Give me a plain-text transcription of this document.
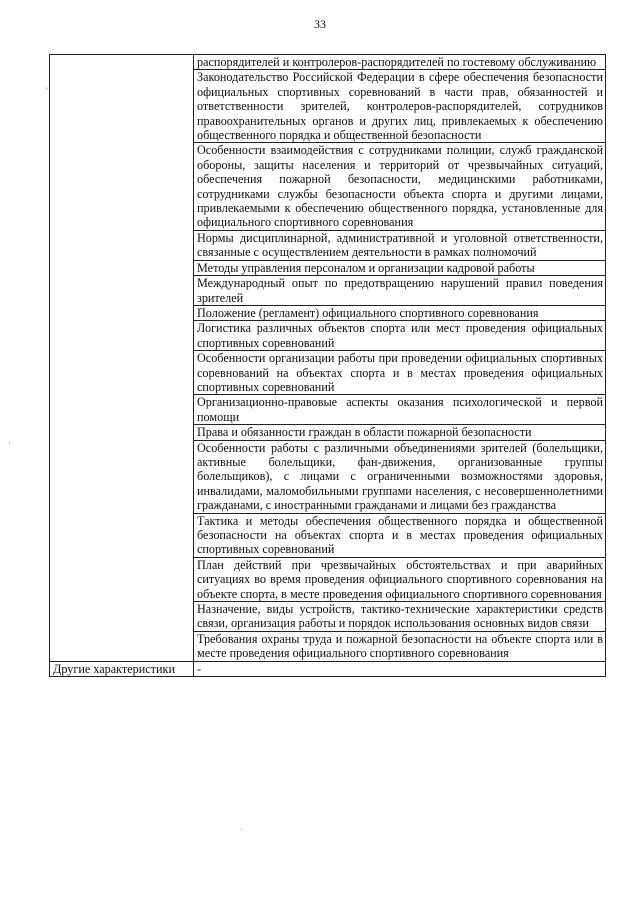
33
'
·
	распорядителей и контролеров-распорядителей по гостевому обслуживанию
	Законодательство Российской Федерации в сфере обеспечения безопасности официальных спортивных соревнований в части прав, обязанностей и ответственности зрителей, контролеров-распорядителей, сотрудников правоохранительных органов и других лиц, привлекаемых к обеспечению общественного порядка и общественной безопасности
	Особенности взаимодействия с сотрудниками полиции, служб гражданской обороны, защиты населения и территорий от чрезвычайных ситуаций, обеспечения пожарной безопасности, медицинскими работниками, сотрудниками службы безопасности объекта спорта и другими лицами, привлекаемыми к обеспечению общественного порядка, установленные для официального спортивного соревнования
	Нормы дисциплинарной, административной и уголовной ответственности, связанные с осуществлением деятельности в рамках полномочий
	Методы управления персоналом и организации кадровой работы
	Международный опыт по предотвращению нарушений правил поведения зрителей
	Положение (регламент) официального спортивного соревнования
	Логистика различных объектов спорта или мест проведения официальных спортивных соревнований
	Особенности организации работы при проведении официальных спортивных соревнований на объектах спорта и в местах проведения официальных спортивных соревнований
	Организационно-правовые аспекты оказания психологической и первой помощи
	Права и обязанности граждан в области пожарной безопасности
	Особенности работы с различными объединениями зрителей (болельщики, активные болельщики, фан-движения, организованные группы болельщиков), с лицами с ограниченными возможностями здоровья, инвалидами, маломобильными группами населения, с несовершеннолетними гражданами, с иностранными гражданами и лицами без гражданства
	Тактика и методы обеспечения общественного порядка и общественной безопасности на объектах спорта и в местах проведения официальных спортивных соревнований
	План действий при чрезвычайных обстоятельствах и при аварийных ситуациях во время проведения официального спортивного соревнования на объекте спорта, в месте проведения официального спортивного соревнования
	Назначение, виды устройств, тактико-технические характеристики средств связи, организация работы и порядок использования основных видов связи
	Требования охраны труда и пожарной безопасности на объекте спорта или в месте проведения официального спортивного соревнования
Другие характеристики	-
˙
